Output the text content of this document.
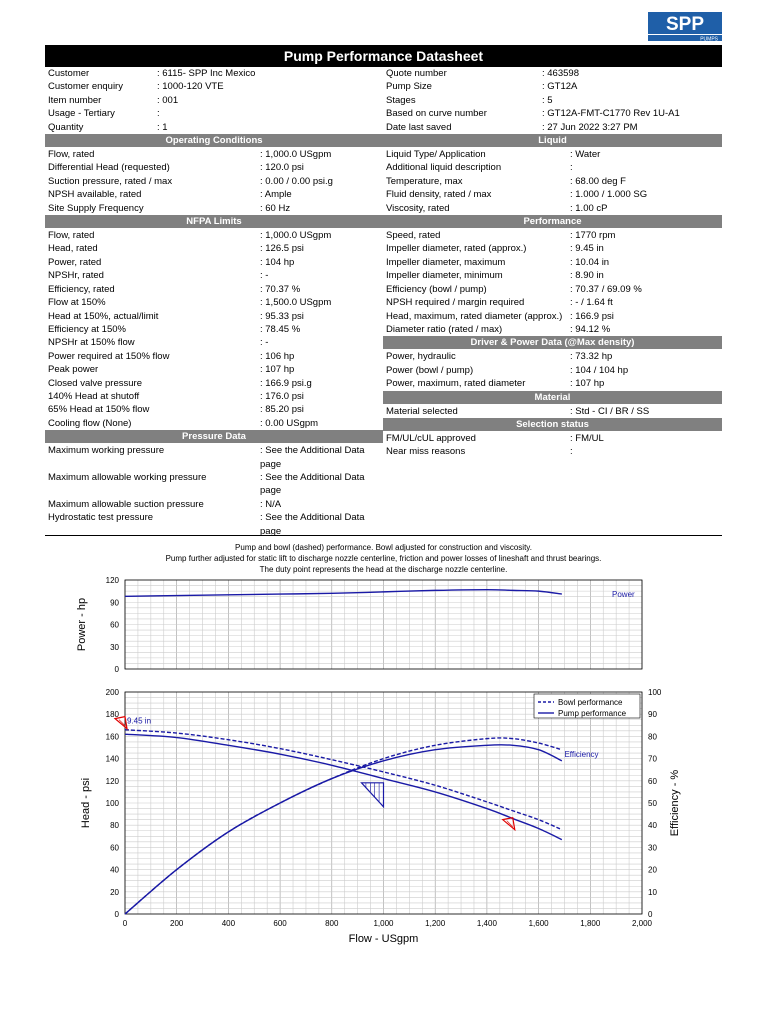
SPP
PUMPS
Pump Performance Datasheet
Customer	: 6115- SPP Inc Mexico
Customer enquiry	: 1000-120 VTE
Item number	: 001
Usage - Tertiary	:
Quantity	: 1
Quote number	: 463598
Pump Size	: GT12A
Stages	: 5
Based on curve number	: GT12A-FMT-C1770 Rev 1U-A1
Date last saved	: 27 Jun 2022 3:27 PM
Operating Conditions
Flow, rated	: 1,000.0 USgpm
Differential Head (requested)	: 120.0 psi
Suction pressure, rated / max	: 0.00 / 0.00 psi.g
NPSH available, rated	: Ample
Site Supply Frequency	: 60 Hz
NFPA Limits
Flow, rated	: 1,000.0 USgpm
Head, rated	: 126.5 psi
Power, rated	: 104 hp
NPSHr, rated	: -
Efficiency, rated	: 70.37 %
Flow at 150%	: 1,500.0 USgpm
Head at 150%, actual/limit	: 95.33 psi
Efficiency at 150%	: 78.45 %
NPSHr at 150% flow	: -
Power required at 150% flow	: 106 hp
Peak power	: 107 hp
Closed valve pressure	: 166.9 psi.g
140% Head at shutoff	: 176.0 psi
65% Head at 150% flow	: 85.20 psi
Cooling flow (None)	: 0.00 USgpm
Pressure Data
Maximum working pressure	: See the Additional Data page
Maximum allowable working pressure	: See the Additional Data page
Maximum allowable suction pressure	: N/A
Hydrostatic test pressure	: See the Additional Data page
Liquid
Liquid Type/ Application	: Water
Additional liquid description	:
Temperature, max	: 68.00 deg F
Fluid density, rated / max	: 1.000 / 1.000 SG
Viscosity, rated	: 1.00 cP
Performance
Speed, rated	: 1770 rpm
Impeller diameter, rated (approx.)	: 9.45 in
Impeller diameter, maximum	: 10.04 in
Impeller diameter, minimum	: 8.90 in
Efficiency (bowl / pump)	: 70.37 / 69.09 %
NPSH required / margin required	: - / 1.64 ft
Head, maximum, rated diameter (approx.) : 166.9 psi
Diameter ratio (rated / max)	: 94.12 %
Driver & Power Data (@Max density)
Power, hydraulic	: 73.32 hp
Power (bowl / pump)	: 104 / 104 hp
Power, maximum, rated diameter	: 107 hp
Material
Material selected	: Std - CI / BR / SS
Selection status
FM/UL/cUL approved	: FM/UL
Near miss reasons	:
Pump and bowl (dashed) performance. Bowl adjusted for construction and viscosity.
Pump further adjusted for static lift to discharge nozzle centerline, friction and power losses of lineshaft and thrust bearings.
The duty point represents the head at the discharge nozzle centerline.
0
30
60
90
120
Power - hp
0
20
40
60
80
100
120
140
160
180
200
0
10
20
30
40
50
60
70
80
90
100
0	200	400	600	800	1,000	1,200	1,400	1,600	1,800	2,000
Head - psi	Efficiency - %
Flow - USgpm
Power
Efficiency
9.45 in
Bowl performance
Pump performance
